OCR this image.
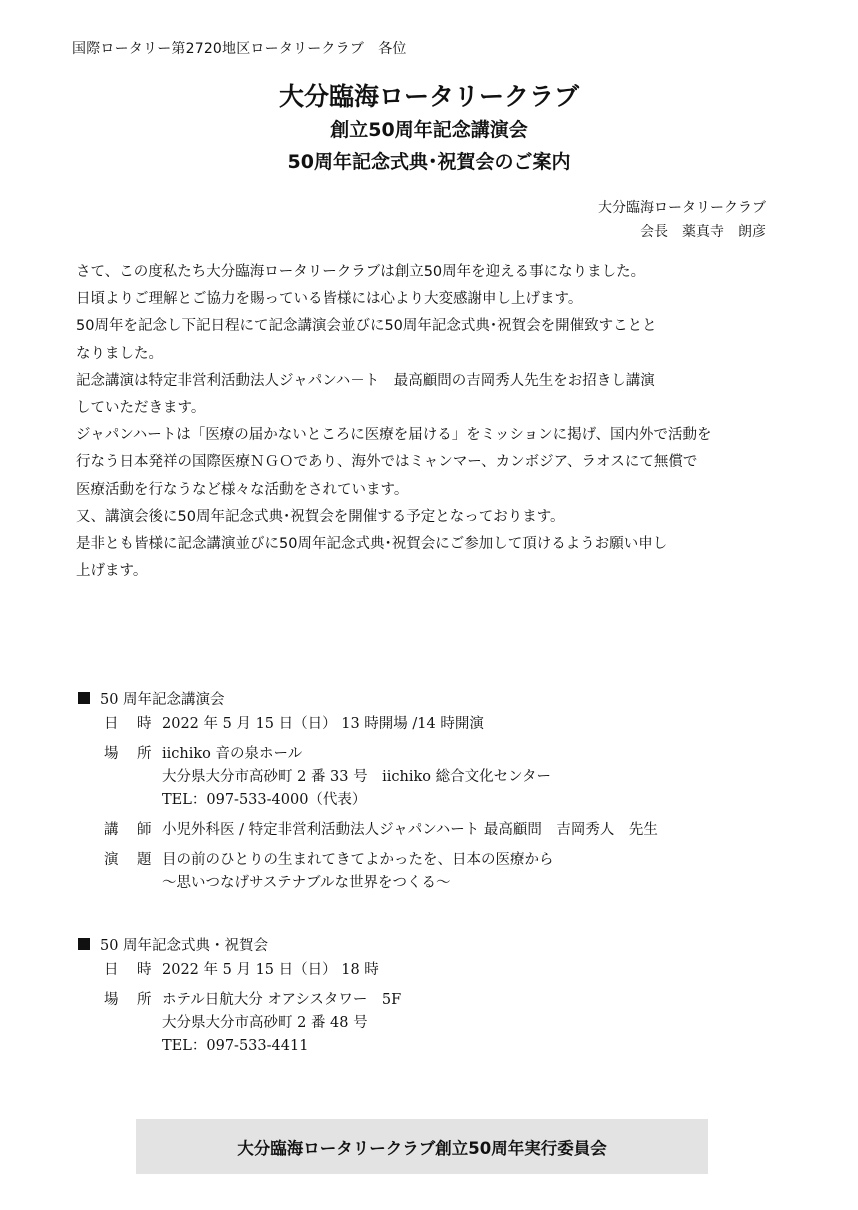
国際ロータリー第2720地区ロータリークラブ　各位
大分臨海ロータリークラブ
創立50周年記念講演会
50周年記念式典･祝賀会のご案内
大分臨海ロータリークラブ
会長　薬真寺　朗彦

さて、この度私たち大分臨海ロータリークラブは創立50周年を迎える事になりました。

日頃よりご理解とご協力を賜っている皆様には心より大変感謝申し上げます。

50周年を記念し下記日程にて記念講演会並びに50周年記念式典･祝賀会を開催致すことと

なりました。

記念講演は特定非営利活動法人ジャパンハ－ト　最高顧問の吉岡秀人先生をお招きし講演

していただきます。

ジャパンハートは「医療の届かないところに医療を届ける」をミッションに掲げ、国内外で活動を

行なう日本発祥の国際医療ＮＧＯであり、海外ではミャンマー、カンボジア、ラオスにて無償で

医療活動を行なうなど様々な活動をされています。

又、講演会後に50周年記念式典･祝賀会を開催する予定となっております。

是非とも皆様に記念講演並びに50周年記念式典･祝賀会にご参加して頂けるようお願い申し

上げます。

50 周年記念講演会
日　時 2022 年 5 月 15 日（日） 13 時開場 /14 時開演
場　所 iichiko 音の泉ホール
大分県大分市高砂町 2 番 33 号　iichiko 総合文化センター
TEL：097-533-4000（代表）
講　師 小児外科医 / 特定非営利活動法人ジャパンハート 最高顧問　吉岡秀人　先生
演　題 目の前のひとりの生まれてきてよかったを、日本の医療から
～思いつなげサステナブルな世界をつくる～
50 周年記念式典・祝賀会
日　時 2022 年 5 月 15 日（日） 18 時
場　所 ホテル日航大分 オアシスタワー　5F
大分県大分市高砂町 2 番 48 号
TEL：097-533-4411
大分臨海ロータリークラブ創立50周年実行委員会
